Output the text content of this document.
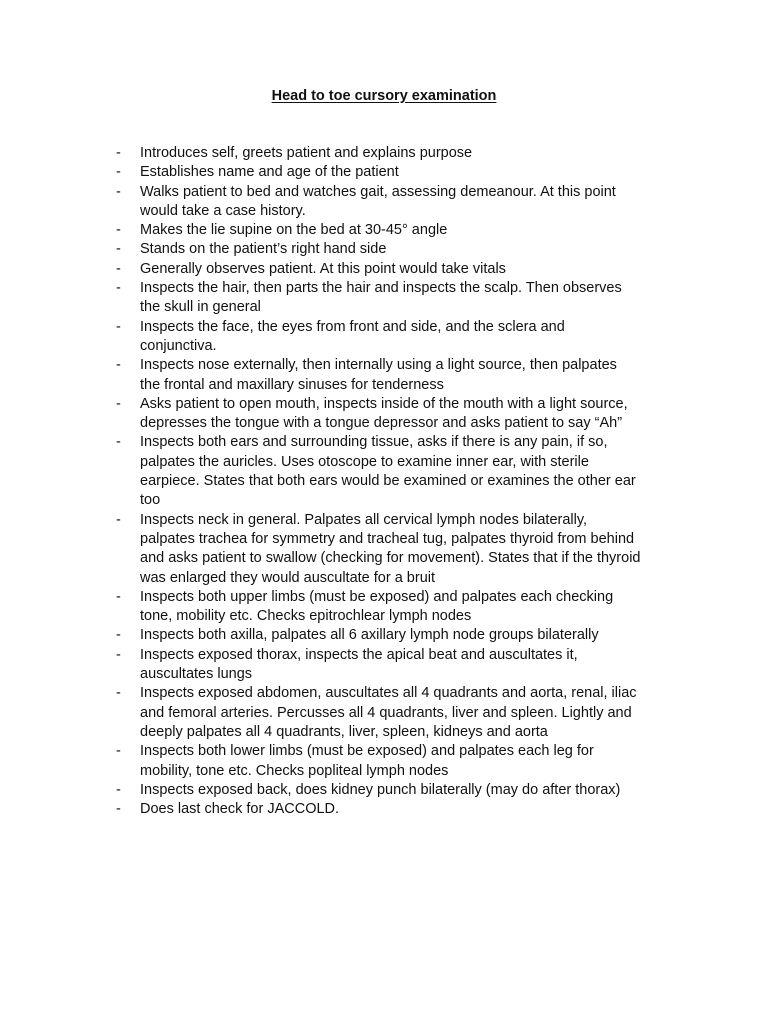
Head to toe cursory examination
- Introduces self, greets patient and explains purpose
- Establishes name and age of the patient
- Walks patient to bed and watches gait, assessing demeanour. At this point
would take a case history.
- Makes the lie supine on the bed at 30-45° angle
- Stands on the patient’s right hand side
- Generally observes patient. At this point would take vitals
- Inspects the hair, then parts the hair and inspects the scalp. Then observes
the skull in general
- Inspects the face, the eyes from front and side, and the sclera and
conjunctiva.
- Inspects nose externally, then internally using a light source, then palpates
the frontal and maxillary sinuses for tenderness
- Asks patient to open mouth, inspects inside of the mouth with a light source,
depresses the tongue with a tongue depressor and asks patient to say “Ah”
- Inspects both ears and surrounding tissue, asks if there is any pain, if so,
palpates the auricles. Uses otoscope to examine inner ear, with sterile
earpiece. States that both ears would be examined or examines the other ear
too
- Inspects neck in general. Palpates all cervical lymph nodes bilaterally,
palpates trachea for symmetry and tracheal tug, palpates thyroid from behind
and asks patient to swallow (checking for movement). States that if the thyroid
was enlarged they would auscultate for a bruit
- Inspects both upper limbs (must be exposed) and palpates each checking
tone, mobility etc. Checks epitrochlear lymph nodes
- Inspects both axilla, palpates all 6 axillary lymph node groups bilaterally
- Inspects exposed thorax, inspects the apical beat and auscultates it,
auscultates lungs
- Inspects exposed abdomen, auscultates all 4 quadrants and aorta, renal, iliac
and femoral arteries. Percusses all 4 quadrants, liver and spleen. Lightly and
deeply palpates all 4 quadrants, liver, spleen, kidneys and aorta
- Inspects both lower limbs (must be exposed) and palpates each leg for
mobility, tone etc. Checks popliteal lymph nodes
- Inspects exposed back, does kidney punch bilaterally (may do after thorax)
- Does last check for JACCOLD.
